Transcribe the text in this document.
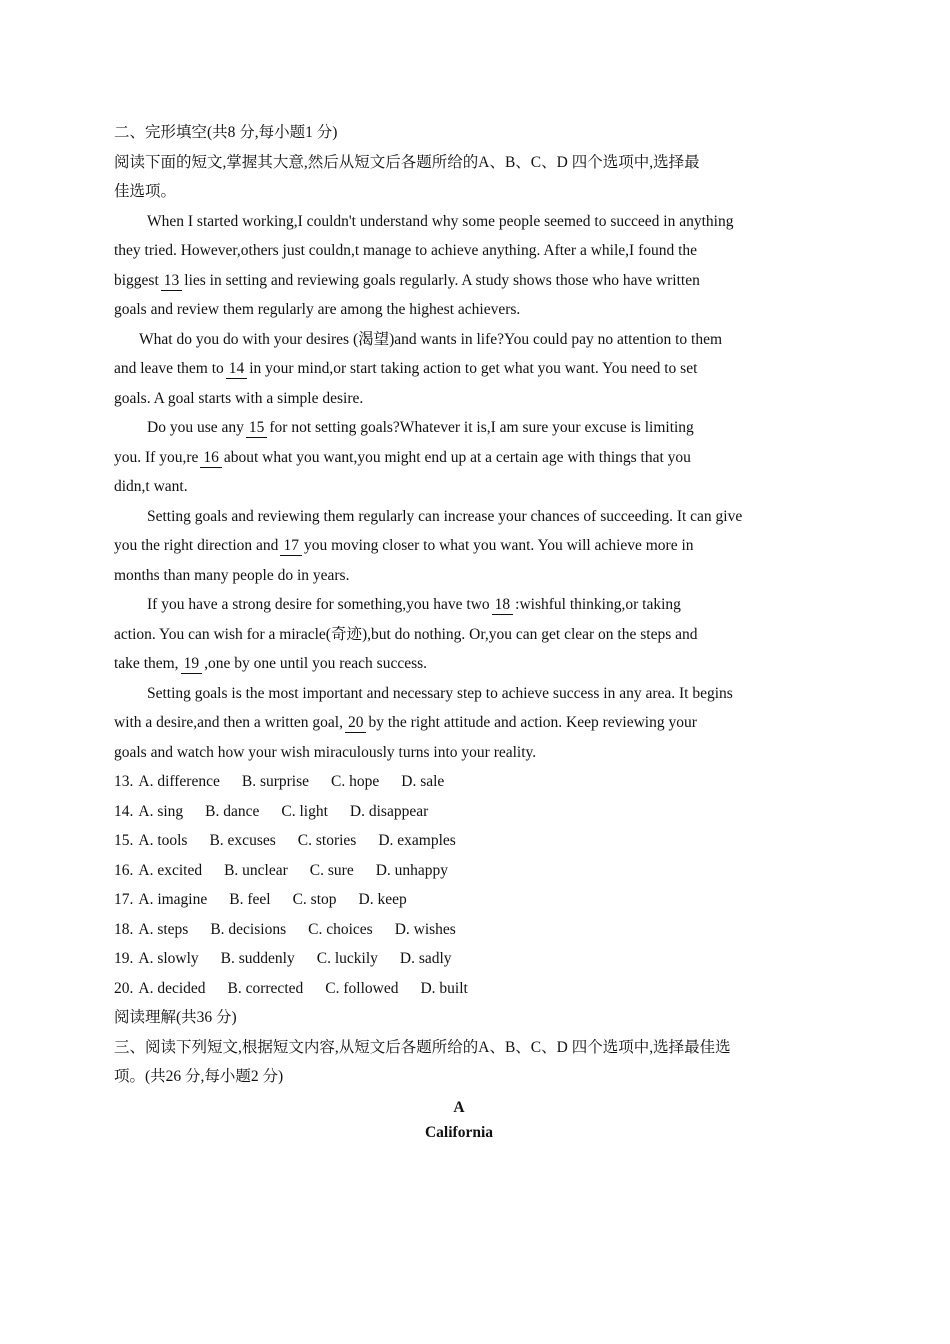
二、完形填空(共8 分,每小题1 分)
阅读下面的短文,掌握其大意,然后从短文后各题所给的A、B、C、D 四个选项中,选择最
佳选项。
When I started working,I couldn't understand why some people seemed to succeed in anything
they tried. However,others just couldn,t manage to achieve anything. After a while,I found the
biggest 13 lies in setting and reviewing goals regularly. A study shows those who have written
goals and review them regularly are among the highest achievers.
What do you do with your desires (渴望)and wants in life?You could pay no attention to them
and leave them to 14 in your mind,or start taking action to get what you want. You need to set
goals. A goal starts with a simple desire.
Do you use any 15 for not setting goals?Whatever it is,I am sure your excuse is limiting
you. If you,re 16 about what you want,you might end up at a certain age with things that you
didn,t want.
Setting goals and reviewing them regularly can increase your chances of succeeding. It can give
you the right direction and 17 you moving closer to what you want. You will achieve more in
months than many people do in years.
If you have a strong desire for something,you have two 18 :wishful thinking,or taking
action. You can wish for a miracle(奇迹),but do nothing. Or,you can get clear on the steps and
take them, 19 ,one by one until you reach success.
Setting goals is the most important and necessary step to achieve success in any area. It begins
with a desire,and then a written goal, 20 by the right attitude and action. Keep reviewing your
goals and watch how your wish miraculously turns into your reality.
13. A. difference B. surprise C. hope D. sale
14. A. sing B. dance C. light D. disappear
15. A. tools B. excuses C. stories D. examples
16. A. excited B. unclear C. sure D. unhappy
17. A. imagine B. feel C. stop D. keep
18. A. steps B. decisions C. choices D. wishes
19. A. slowly B. suddenly C. luckily D. sadly
20. A. decided B. corrected C. followed D. built
阅读理解(共36 分)
三、阅读下列短文,根据短文内容,从短文后各题所给的A、B、C、D 四个选项中,选择最佳选
项。(共26 分,每小题2 分)
A
California
